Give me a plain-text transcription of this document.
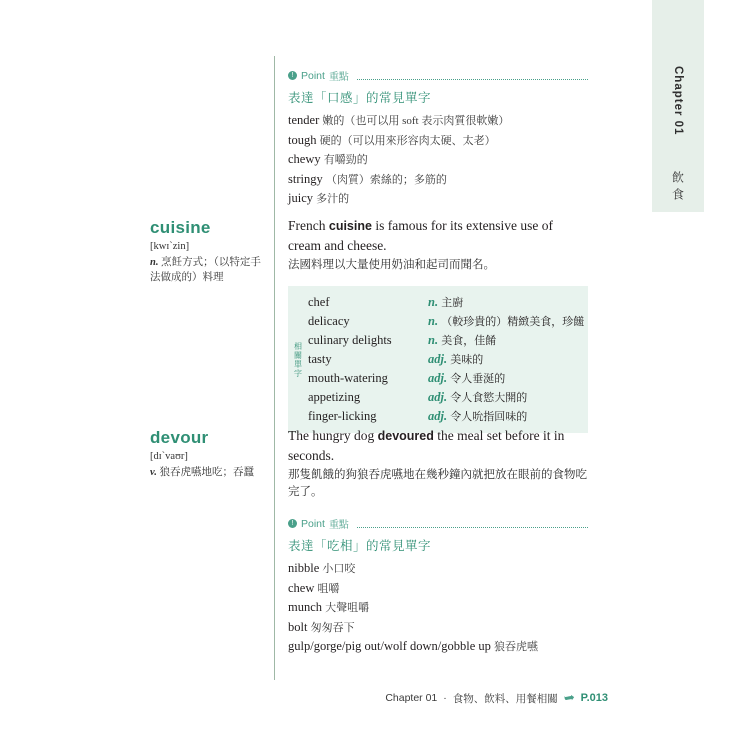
Chapter 01
飲食
! Point 重點
表達「口感」的常見單字
tender 嫩的（也可以用 soft 表示肉質很軟嫩）
tough 硬的（可以用來形容肉太硬、太老）
chewy 有嚼勁的
stringy （肉質）索絲的；多筋的
juicy 多汁的
cuisine
[kwɪˋzin]
n. 烹飪方式；（以特定手法做成的）料理
French cuisine is famous for its extensive use of cream and cheese.
法國料理以大量使用奶油和起司而聞名。
相關單字
chef	n. 主廚
delicacy	n. （較珍貴的）精緻美食，珍饈
culinary delights	n. 美食，佳餚
tasty	adj. 美味的
mouth-watering	adj. 令人垂涎的
appetizing	adj. 令人食慾大開的
finger-licking	adj. 令人吮指回味的
devour
[dɪˋvaʊr]
v. 狼吞虎嚥地吃；吞蠶
The hungry dog devoured the meal set before it in seconds.
那隻飢餓的狗狼吞虎嚥地在幾秒鐘內就把放在眼前的食物吃完了。
! Point 重點
表達「吃相」的常見單字
nibble 小口咬
chew 咀嚼
munch 大聲咀嚼
bolt 匆匆吞下
gulp/gorge/pig out/wolf down/gobble up 狼吞虎嚥
Chapter 01 · 食物、飲料、用餐相關 ➥ P.013
